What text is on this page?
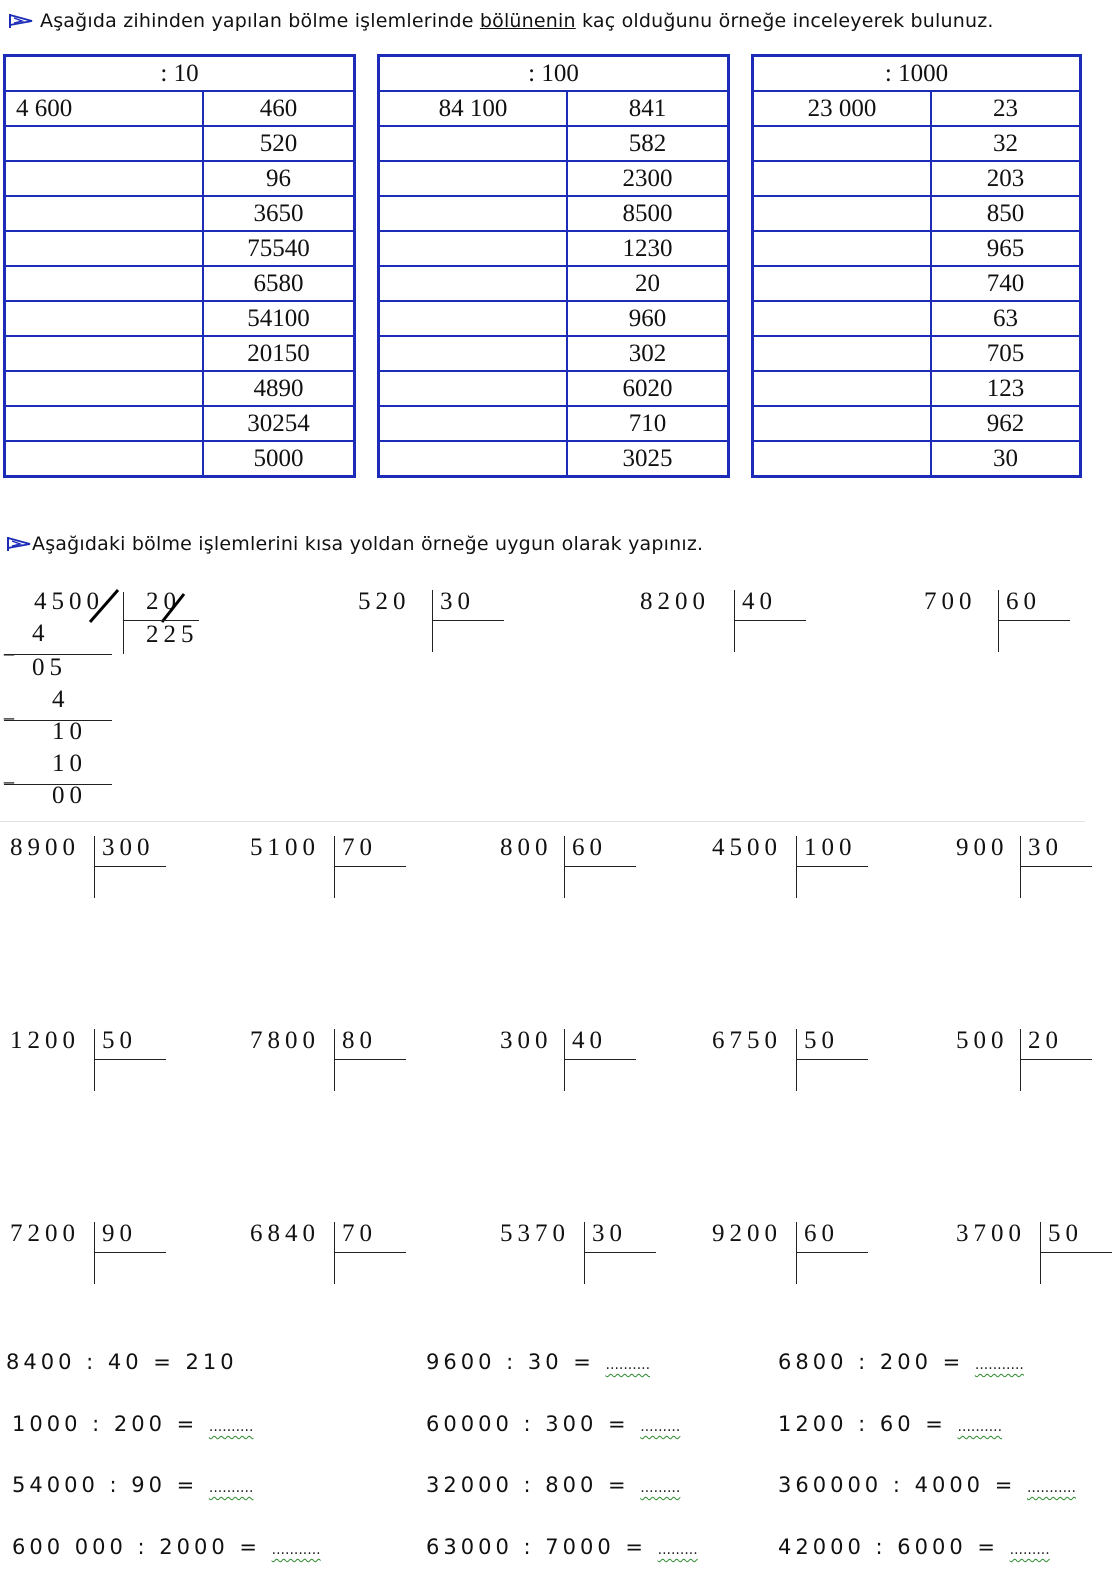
Aşağıda zihinden yapılan bölme işlemlerinde bölünenin kaç olduğunu örneğe inceleyerek bulunuz.
: 10	
4 600	460
	520
	96
	3650
	75540
	6580
	54100
	20150
	4890
	30254
	5000
: 100	
84 100	841
	582
	2300
	8500
	1230
	20
	960
	302
	6020
	710
	3025
: 1000	
23 000	23
	32
	203
	850
	965
	740
	63
	705
	123
	962
	30
Aşağıdaki bölme işlemlerini kısa yoldan örneğe uygun olarak yapınız.
4500 20
225
_ 4
05
_ 4
10
_ 10
00
520 30	8200 40	700 60
8900 300	5100 70	800 60	4500 100	900 30
1200 50	7800 80	300 40	6750 50	500 20
7200 90	6840 70	5370 30	9200 60	3700 50
8400 : 40 = 210	9600 : 30 = ..........	6800 : 200 = ...........
1000 : 200 = ..........	60000 : 300 = .........	1200 : 60 = ..........
54000 : 90 = ..........	32000 : 800 = .........	360000 : 4000 = ...........
600 000 : 2000 = ...........	63000 : 7000 = .........	42000 : 6000 = .........
